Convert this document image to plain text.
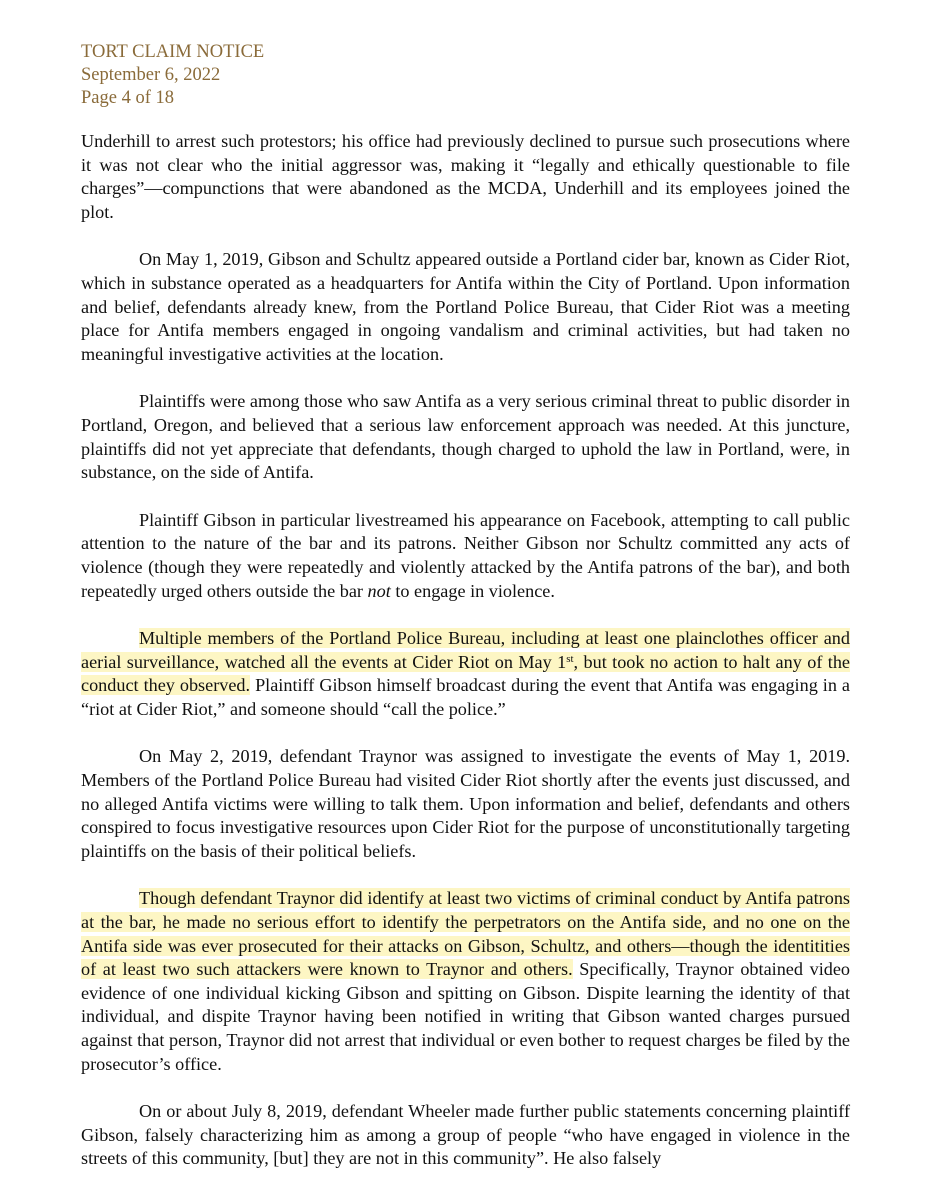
TORT CLAIM NOTICE
September 6, 2022
Page 4 of 18

Underhill to arrest such protestors; his office had previously declined to pursue such prosecutions where it was not clear who the initial aggressor was, making it “legally and ethically questionable to file charges”—compunctions that were abandoned as the MCDA, Underhill and its employees joined the plot.

On May 1, 2019, Gibson and Schultz appeared outside a Portland cider bar, known as Cider Riot, which in substance operated as a headquarters for Antifa within the City of Portland. Upon information and belief, defendants already knew, from the Portland Police Bureau, that Cider Riot was a meeting place for Antifa members engaged in ongoing vandalism and criminal activities, but had taken no meaningful investigative activities at the location.

Plaintiffs were among those who saw Antifa as a very serious criminal threat to public disorder in Portland, Oregon, and believed that a serious law enforcement approach was needed. At this juncture, plaintiffs did not yet appreciate that defendants, though charged to uphold the law in Portland, were, in substance, on the side of Antifa.

Plaintiff Gibson in particular livestreamed his appearance on Facebook, attempting to call public attention to the nature of the bar and its patrons. Neither Gibson nor Schultz committed any acts of violence (though they were repeatedly and violently attacked by the Antifa patrons of the bar), and both repeatedly urged others outside the bar not to engage in violence.

Multiple members of the Portland Police Bureau, including at least one plainclothes officer and aerial surveillance, watched all the events at Cider Riot on May 1st, but took no action to halt any of the conduct they observed. Plaintiff Gibson himself broadcast during the event that Antifa was engaging in a “riot at Cider Riot,” and someone should “call the police.”

On May 2, 2019, defendant Traynor was assigned to investigate the events of May 1, 2019. Members of the Portland Police Bureau had visited Cider Riot shortly after the events just discussed, and no alleged Antifa victims were willing to talk them. Upon information and belief, defendants and others conspired to focus investigative resources upon Cider Riot for the purpose of unconstitutionally targeting plaintiffs on the basis of their political beliefs.

Though defendant Traynor did identify at least two victims of criminal conduct by Antifa patrons at the bar, he made no serious effort to identify the perpetrators on the Antifa side, and no one on the Antifa side was ever prosecuted for their attacks on Gibson, Schultz, and others—though the identitities of at least two such attackers were known to Traynor and others. Specifically, Traynor obtained video evidence of one individual kicking Gibson and spitting on Gibson. Dispite learning the identity of that individual, and dispite Traynor having been notified in writing that Gibson wanted charges pursued against that person, Traynor did not arrest that individual or even bother to request charges be filed by the prosecutor’s office.

On or about July 8, 2019, defendant Wheeler made further public statements concerning plaintiff Gibson, falsely characterizing him as among a group of people “who have engaged in violence in the streets of this community, [but] they are not in this community”. He also falsely
